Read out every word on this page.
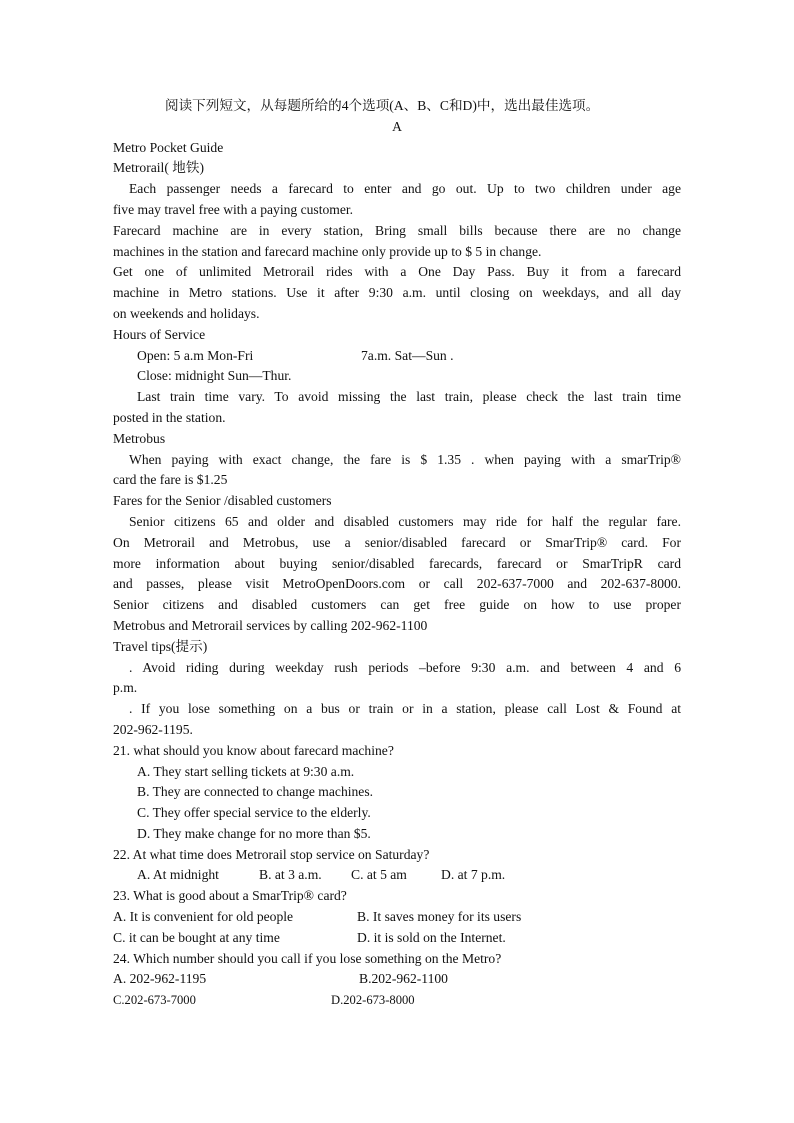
阅读下列短文，从每题所给的4个选项(A、B、C和D)中，选出最佳选项。
A
Metro Pocket Guide
Metrorail( 地铁)
Each passenger needs a farecard to enter and go out. Up to two children under age
five may travel free with a paying customer.
Farecard machine are in every station, Bring small bills because there are no change
machines in the station and farecard machine only provide up to $ 5 in change.
Get one of unlimited Metrorail rides with a One Day Pass. Buy it from a farecard
machine in Metro stations. Use it after 9:30 a.m. until closing on weekdays, and all day
on weekends and holidays.
Hours of Service
Open: 5 a.m Mon-Fri	7a.m. Sat—Sun .
Close: midnight Sun—Thur.
Last train time vary. To avoid missing the last train, please check the last train time
posted in the station.
Metrobus
When paying with exact change, the fare is $ 1.35 . when paying with a smarTrip®
card the fare is $1.25
Fares for the Senior /disabled customers
Senior citizens 65 and older and disabled customers may ride for half the regular fare.
On Metrorail and Metrobus, use a senior/disabled farecard or SmarTrip® card. For
more information about buying senior/disabled farecards, farecard or SmarTripR card
and passes, please visit MetroOpenDoors.com or call 202-637-7000 and 202-637-8000.
Senior citizens and disabled customers can get free guide on how to use proper
Metrobus and Metrorail services by calling 202-962-1100
Travel tips(提示)
. Avoid riding during weekday rush periods –before 9:30 a.m. and between 4 and 6
p.m.
. If you lose something on a bus or train or in a station, please call Lost & Found at
202-962-1195.
21. what should you know about farecard machine?
A. They start selling tickets at 9:30 a.m.
B. They are connected to change machines.
C. They offer special service to the elderly.
D. They make change for no more than $5.
22. At what time does Metrorail stop service on Saturday?
A. At midnight	B. at 3 a.m.	C. at 5 am	D. at 7 p.m.
23. What is good about a SmarTrip® card?
A. It is convenient for old people	B. It saves money for its users
C. it can be bought at any time	D. it is sold on the Internet.
24. Which number should you call if you lose something on the Metro?
A. 202-962-1195	B.202-962-1100
C.202-673-7000	D.202-673-8000
